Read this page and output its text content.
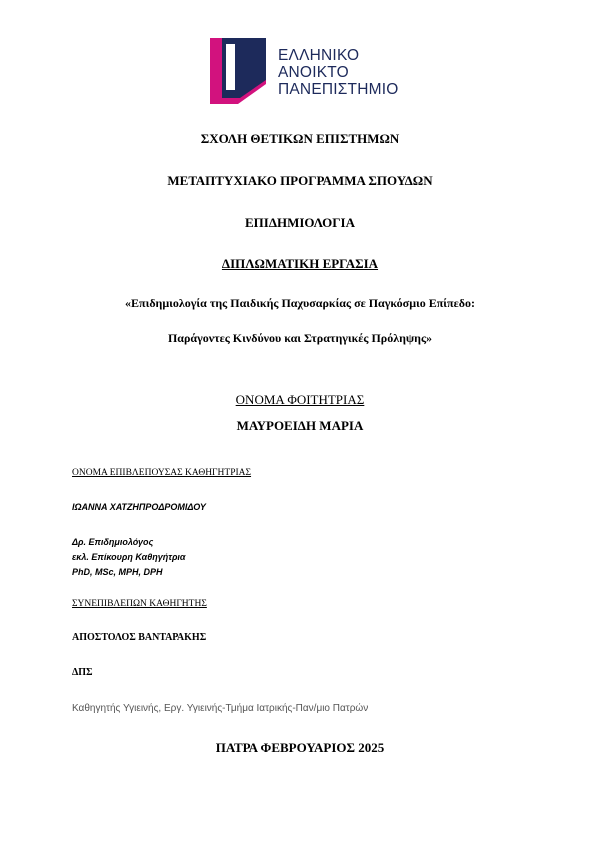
ΕΛΛΗΝΙΚΟ
ΑΝΟΙΚΤΟ
ΠΑΝΕΠΙΣΤΗΜΙΟ
ΣΧΟΛΗ ΘΕΤΙΚΩΝ ΕΠΙΣΤΗΜΩΝ
ΜΕΤΑΠΤΥΧΙΑΚΟ ΠΡΟΓΡΑΜΜΑ ΣΠΟΥΔΩΝ
ΕΠΙΔΗΜΙΟΛΟΓΙΑ
ΔΙΠΛΩΜΑΤΙΚΗ ΕΡΓΑΣΙΑ
«Επιδημιολογία της Παιδικής Παχυσαρκίας σε Παγκόσμιο Επίπεδο:
Παράγοντες Κινδύνου και Στρατηγικές Πρόληψης»
ΟΝΟΜΑ ΦΟΙΤΗΤΡΙΑΣ
ΜΑΥΡΟΕΙΔΗ ΜΑΡΙΑ
ΟΝΟΜΑ ΕΠΙΒΛΕΠΟΥΣΑΣ ΚΑΘΗΓΗΤΡΙΑΣ
ΙΩΑΝΝΑ ΧΑΤΖΗΠΡΟΔΡΟΜΙΔΟΥ
Δρ. Επιδημιολόγος
εκλ. Επίκουρη Καθηγήτρια
PhD, MSc, MPH, DPH
ΣΥΝΕΠΙΒΛΕΠΩΝ ΚΑΘΗΓΗΤΗΣ
ΑΠΟΣΤΟΛΟΣ ΒΑΝΤΑΡΑΚΗΣ
ΔΠΣ
Καθηγητής Υγιεινής, Εργ. Υγιεινής-Τμήμα Ιατρικής-Παν/μιο Πατρών
ΠΑΤΡΑ ΦΕΒΡΟΥΑΡΙΟΣ 2025
